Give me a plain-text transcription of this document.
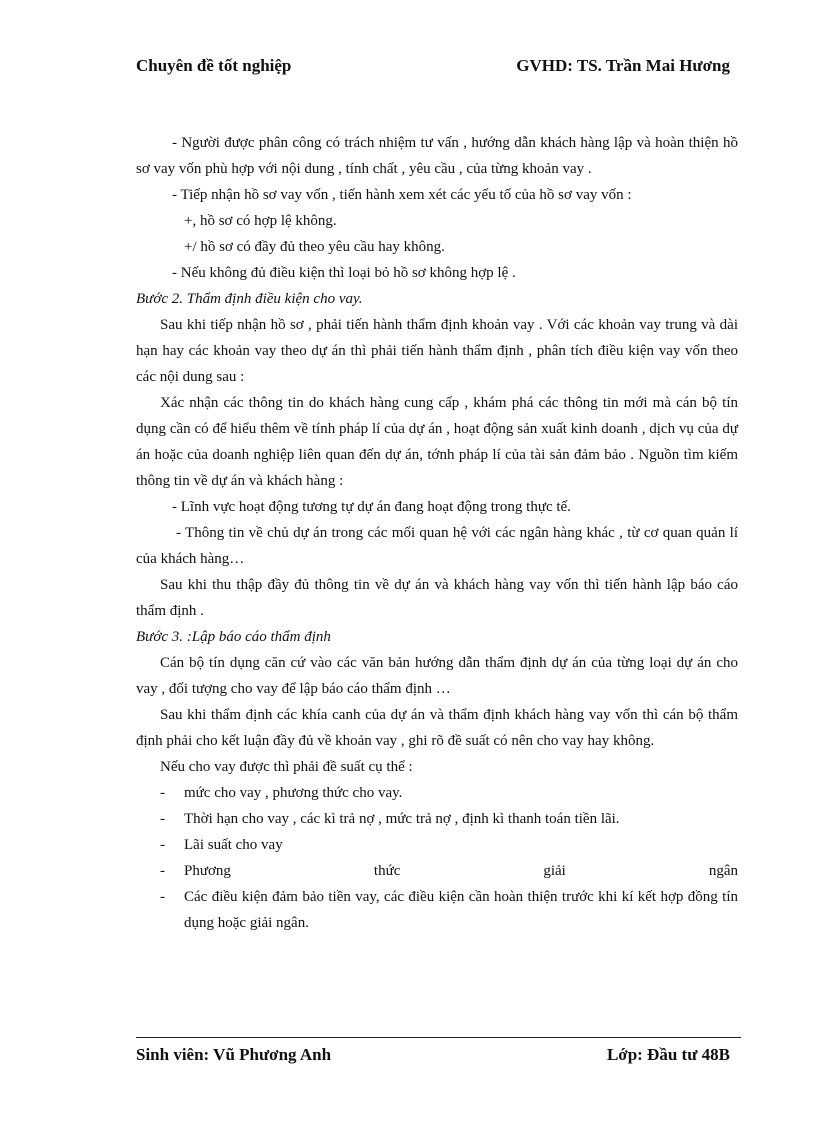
Chuyên đề tốt nghiệp	GVHD: TS. Trần Mai Hương

- Người được phân công có trách nhiệm tư vấn , hướng dẫn khách hàng lập và hoàn thiện hồ sơ vay vốn phù hợp với nội dung , tính chất , yêu cầu , của từng khoản vay .

- Tiếp nhận hồ sơ vay vốn , tiến hành xem xét các yếu tố của hồ sơ vay vốn :

+, hồ sơ có hợp lệ không.

+/ hồ sơ có đầy đủ theo yêu cầu hay không.

- Nếu không đủ điều kiện thì loại bỏ hồ sơ không hợp lệ .

Bước 2. Thẩm định điều kiện cho vay.

Sau khi tiếp nhận hồ sơ , phải tiến hành thẩm định khoản vay . Với các khoản vay trung và dài hạn hay các khoản vay theo dự án thì phải tiến hành thẩm định , phân tích điều kiện vay vốn theo các nội dung sau :

Xác nhận các thông tin do khách hàng cung cấp , khám phá các thông tin mới mà cán bộ tín dụng cần có để hiểu thêm về tính pháp lí của dự án , hoạt động sản xuất kinh doanh , dịch vụ của dự án hoặc của doanh nghiệp liên quan đến dự án, tớnh pháp lí của tài sản đảm bảo . Nguồn tìm kiếm thông tin về dự án và khách hàng :

- Lĩnh vực hoạt động tương tự dự án đang hoạt động trong thực tế.

- Thông tin về chủ dự án trong các mối quan hệ với các ngân hàng khác , từ cơ quan quản lí của khách hàng…

Sau khi thu thập đầy đủ thông tin về dự án và khách hàng vay vốn thì tiến hành lập báo cáo thẩm định .

Bước 3. :Lập báo cáo thẩm định

Cán bộ tín dụng căn cứ vào các văn bản hướng dẫn thẩm định dự án của từng loại dự án cho vay , đối tượng cho vay để lập báo cáo thẩm định …

Sau khi thẩm định các khía canh của dự án và thẩm định khách hàng vay vốn thì cán bộ thẩm định phải cho kết luận đầy đủ về khoản vay , ghi rõ đề suất có nên cho vay hay không.

Nếu cho vay được thì phải đề suất cụ thể :

- mức cho vay , phương thức cho vay.
- Thời hạn cho vay , các kì trả nợ , mức trả nợ , định kì thanh toán tiền lãi.
- Lãi suất cho vay
- Phương thức giải ngân
- Các điều kiện đảm bảo tiền vay, các điều kiện cần hoàn thiện trước khi kí kết hợp đồng tín dụng hoặc giải ngân.
Sinh viên: Vũ Phương Anh	Lớp: Đầu tư 48B
